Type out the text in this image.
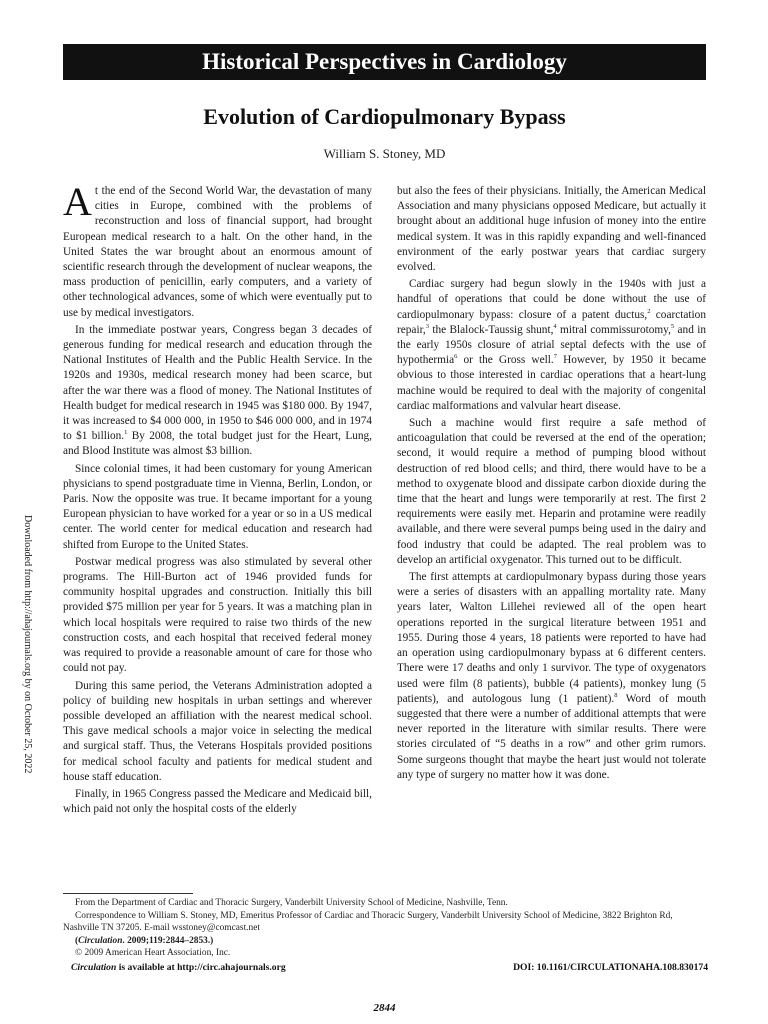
Historical Perspectives in Cardiology
Evolution of Cardiopulmonary Bypass
William S. Stoney, MD
Downloaded from http://ahajournals.org by on October 25, 2022

At the end of the Second World War, the devastation of many cities in Europe, combined with the problems of reconstruction and loss of financial support, had brought European medical research to a halt. On the other hand, in the United States the war brought about an enormous amount of scientific research through the development of nuclear weapons, the mass production of penicillin, early computers, and a variety of other technological advances, some of which were eventually put to use by medical investigators.

In the immediate postwar years, Congress began 3 decades of generous funding for medical research and education through the National Institutes of Health and the Public Health Service. In the 1920s and 1930s, medical research money had been scarce, but after the war there was a flood of money. The National Institutes of Health budget for medical research in 1945 was $180 000. By 1947, it was increased to $4 000 000, in 1950 to $46 000 000, and in 1974 to $1 billion.$^1$ By 2008, the total budget just for the Heart, Lung, and Blood Institute was almost $3 billion.

Since colonial times, it had been customary for young American physicians to spend postgraduate time in Vienna, Berlin, London, or Paris. Now the opposite was true. It became important for a young European physician to have worked for a year or so in a US medical center. The world center for medical education and research had shifted from Europe to the United States.

Postwar medical progress was also stimulated by several other programs. The Hill-Burton act of 1946 provided funds for community hospital upgrades and construction. Initially this bill provided $75 million per year for 5 years. It was a matching plan in which local hospitals were required to raise two thirds of the new construction costs, and each hospital that received federal money was required to provide a reasonable amount of care for those who could not pay.

During this same period, the Veterans Administration adopted a policy of building new hospitals in urban settings and wherever possible developed an affiliation with the nearest medical school. This gave medical schools a major voice in selecting the medical and surgical staff. Thus, the Veterans Hospitals provided positions for medical school faculty and patients for medical student and house staff education.

Finally, in 1965 Congress passed the Medicare and Medicaid bill, which paid not only the hospital costs of the elderly

but also the fees of their physicians. Initially, the American Medical Association and many physicians opposed Medicare, but actually it brought about an additional huge infusion of money into the entire medical system. It was in this rapidly expanding and well-financed environment of the early postwar years that cardiac surgery evolved.

Cardiac surgery had begun slowly in the 1940s with just a handful of operations that could be done without the use of cardiopulmonary bypass: closure of a patent ductus,$^2$ coarctation repair,$^3$ the Blalock-Taussig shunt,$^4$ mitral commissurotomy,$^5$ and in the early 1950s closure of atrial septal defects with the use of hypothermia$^6$ or the Gross well.$^7$ However, by 1950 it became obvious to those interested in cardiac operations that a heart-lung machine would be required to deal with the majority of congenital cardiac malformations and valvular heart disease.

Such a machine would first require a safe method of anticoagulation that could be reversed at the end of the operation; second, it would require a method of pumping blood without destruction of red blood cells; and third, there would have to be a method to oxygenate blood and dissipate carbon dioxide during the time that the heart and lungs were temporarily at rest. The first 2 requirements were easily met. Heparin and protamine were readily available, and there were several pumps being used in the dairy and food industry that could be adapted. The real problem was to develop an artificial oxygenator. This turned out to be difficult.

The first attempts at cardiopulmonary bypass during those years were a series of disasters with an appalling mortality rate. Many years later, Walton Lillehei reviewed all of the open heart operations reported in the surgical literature between 1951 and 1955. During those 4 years, 18 patients were reported to have had an operation using cardiopulmonary bypass at 6 different centers. There were 17 deaths and only 1 survivor. The type of oxygenators used were film (8 patients), bubble (4 patients), monkey lung (5 patients), and autologous lung (1 patient).$^8$ Word of mouth suggested that there were a number of additional attempts that were never reported in the literature with similar results. There were stories circulated of “5 deaths in a row” and other grim rumors. Some surgeons thought that maybe the heart just would not tolerate any type of surgery no matter how it was done.

From the Department of Cardiac and Thoracic Surgery, Vanderbilt University School of Medicine, Nashville, Tenn.
Correspondence to William S. Stoney, MD, Emeritus Professor of Cardiac and Thoracic Surgery, Vanderbilt University School of Medicine, 3822 Brighton Rd, Nashville TN 37205. E-mail wsstoney@comcast.net
(Circulation. 2009;119:2844–2853.)
© 2009 American Heart Association, Inc.
Circulation is available at http://circ.ahajournals.org	DOI: 10.1161/CIRCULATIONAHA.108.830174
2844
